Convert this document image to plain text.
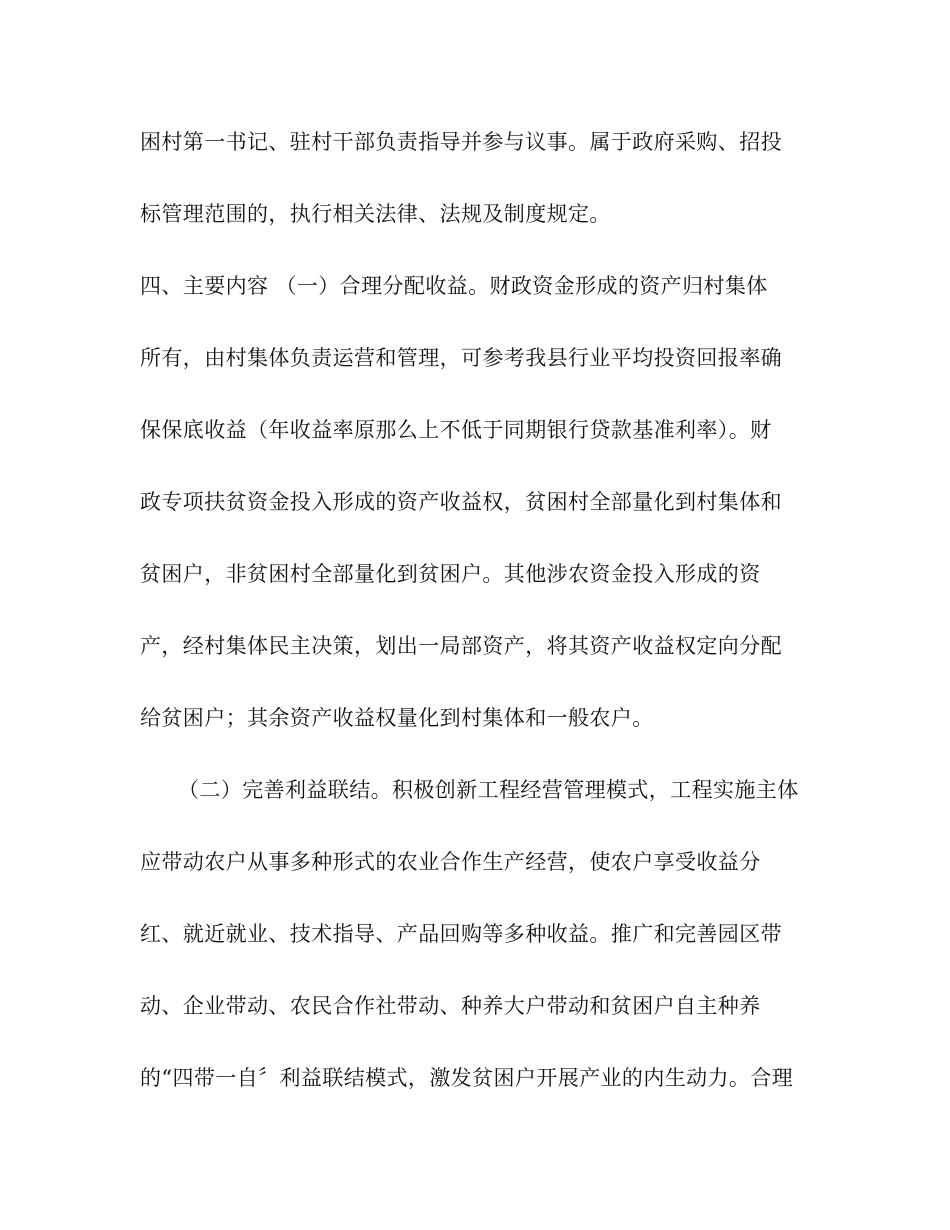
困村第一书记、驻村干部负责指导并参与议事。属于政府采购、招投
标管理范围的，执行相关法律、法规及制度规定。
四、主要内容 （一）合理分配收益。财政资金形成的资产归村集体
所有，由村集体负责运营和管理，可参考我县行业平均投资回报率确
保保底收益（年收益率原那么上不低于同期银行贷款基准利率）。财
政专项扶贫资金投入形成的资产收益权，贫困村全部量化到村集体和
贫困户，非贫困村全部量化到贫困户。其他涉农资金投入形成的资
产，经村集体民主决策，划出一局部资产，将其资产收益权定向分配
给贫困户；其余资产收益权量化到村集体和一般农户。
（二）完善利益联结。积极创新工程经营管理模式，工程实施主体
应带动农户从事多种形式的农业合作生产经营，使农户享受收益分
红、就近就业、技术指导、产品回购等多种收益。推广和完善园区带
动、企业带动、农民合作社带动、种养大户带动和贫困户自主种养
的“四带一自〞利益联结模式，激发贫困户开展产业的内生动力。合理
